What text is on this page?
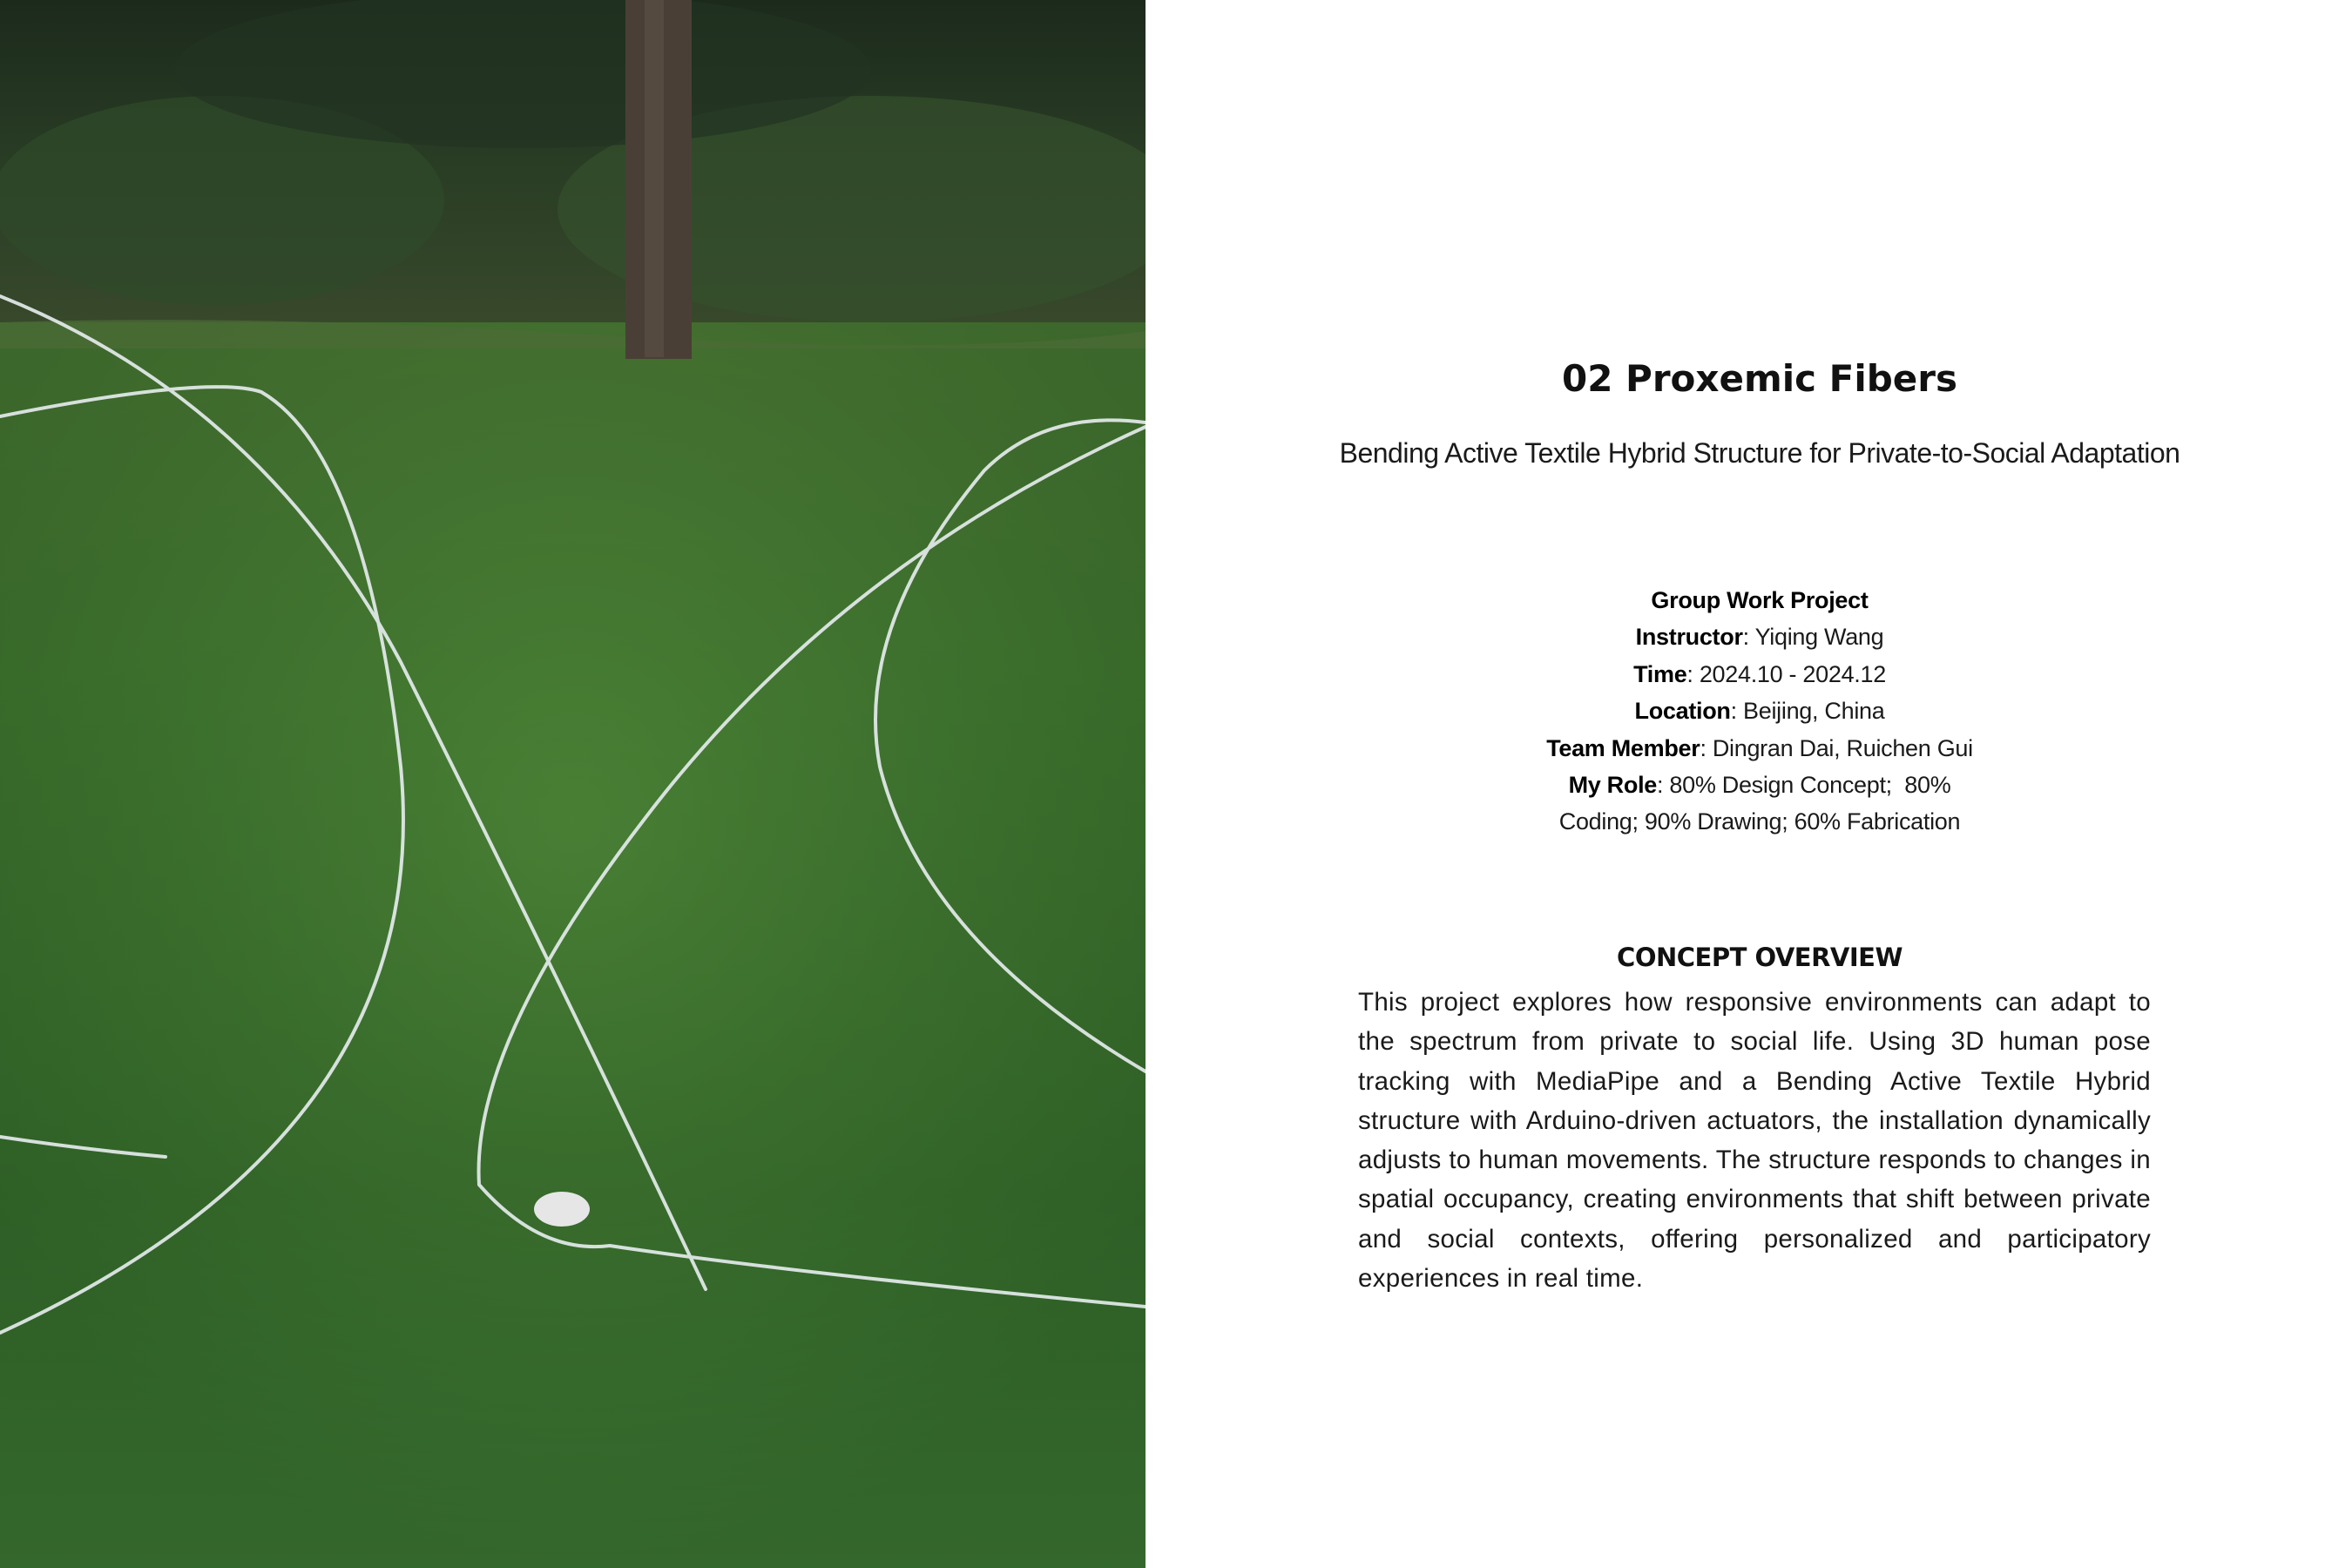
02 Proxemic Fibers
Bending Active Textile Hybrid Structure for Private-to-Social Adaptation
Group Work Project
Instructor: Yiqing Wang
Time: 2024.10 - 2024.12
Location: Beijing, China
Team Member: Dingran Dai, Ruichen Gui
My Role: 80% Design Concept;  80%
Coding; 90% Drawing; 60% Fabrication
CONCEPT OVERVIEW
This project explores how responsive environments can adapt to the spectrum from private to social life. Using 3D human pose tracking with MediaPipe and a Bending Active Textile Hybrid structure with Arduino-driven actuators, the installation dynamically adjusts to human movements. The structure responds to changes in spatial occupancy, creating environments that shift between private and social contexts, offering personalized and participatory experiences in real time.
